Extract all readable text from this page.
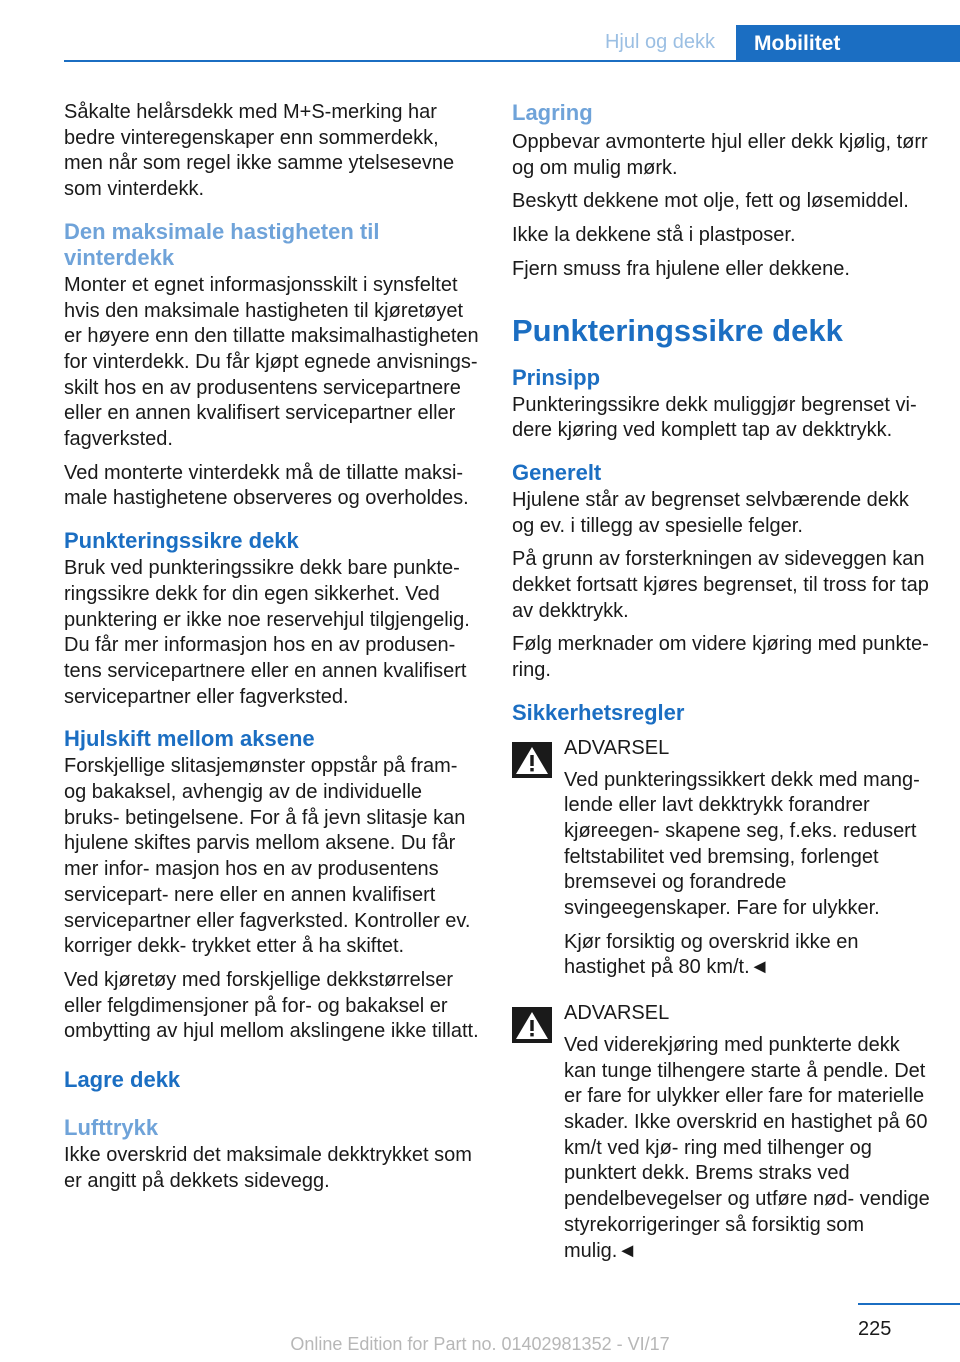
Hjul og dekk	Mobilitet

Såkalte helårsdekk med M+S-merking har bedre vinteregenskaper enn sommerdekk, men når som regel ikke samme ytelsesevne som vinterdekk.

Den maksimale hastigheten til vinterdekk

Monter et egnet informasjonsskilt i synsfeltet hvis den maksimale hastigheten til kjøretøyet er høyere enn den tillatte maksimalhastigheten for vinterdekk. Du får kjøpt egnede anvisnings- skilt hos en av produsentens servicepartnere eller en annen kvalifisert servicepartner eller fagverksted.

Ved monterte vinterdekk må de tillatte maksi- male hastighetene observeres og overholdes.

Punkteringssikre dekk

Bruk ved punkteringssikre dekk bare punkte- ringssikre dekk for din egen sikkerhet. Ved punktering er ikke noe reservehjul tilgjengelig. Du får mer informasjon hos en av produsen- tens servicepartnere eller en annen kvalifisert servicepartner eller fagverksted.

Hjulskift mellom aksene

Forskjellige slitasjemønster oppstår på fram- og bakaksel, avhengig av de individuelle bruks- betingelsene. For å få jevn slitasje kan hjulene skiftes parvis mellom aksene. Du får mer infor- masjon hos en av produsentens servicepart- nere eller en annen kvalifisert servicepartner eller fagverksted. Kontroller ev. korriger dekk- trykket etter å ha skiftet.

Ved kjøretøy med forskjellige dekkstørrelser eller felgdimensjoner på for- og bakaksel er ombytting av hjul mellom akslingene ikke tillatt.

Lagre dekk
Lufttrykk

Ikke overskrid det maksimale dekktrykket som er angitt på dekkets sidevegg.

Lagring

Oppbevar avmonterte hjul eller dekk kjølig, tørr og om mulig mørk.

Beskytt dekkene mot olje, fett og løsemiddel.

Ikke la dekkene stå i plastposer.

Fjern smuss fra hjulene eller dekkene.

Punkteringssikre dekk
Prinsipp

Punkteringssikre dekk muliggjør begrenset vi- dere kjøring ved komplett tap av dekktrykk.

Generelt

Hjulene står av begrenset selvbærende dekk og ev. i tillegg av spesielle felger.

På grunn av forsterkningen av sideveggen kan dekket fortsatt kjøres begrenset, til tross for tap av dekktrykk.

Følg merknader om videre kjøring med punkte- ring.

Sikkerhetsregler
ADVARSEL
Ved punkteringssikkert dekk med mang-

lende eller lavt dekktrykk forandrer kjøreegen- skapene seg, f.eks. redusert feltstabilitet ved bremsing, forlenget bremsevei og forandrede svingeegenskaper. Fare for ulykker.

Kjør forsiktig og overskrid ikke en hastighet på 80 km/t.◄

ADVARSEL
Ved viderekjøring med punkterte dekk

kan tunge tilhengere starte å pendle. Det er fare for ulykker eller fare for materielle skader. Ikke overskrid en hastighet på 60 km/t ved kjø- ring med tilhenger og punktert dekk. Brems straks ved pendelbevegelser og utføre nød- vendige styrekorrigeringer så forsiktig som mulig.◄

225
Online Edition for Part no. 01402981352 - VI/17
